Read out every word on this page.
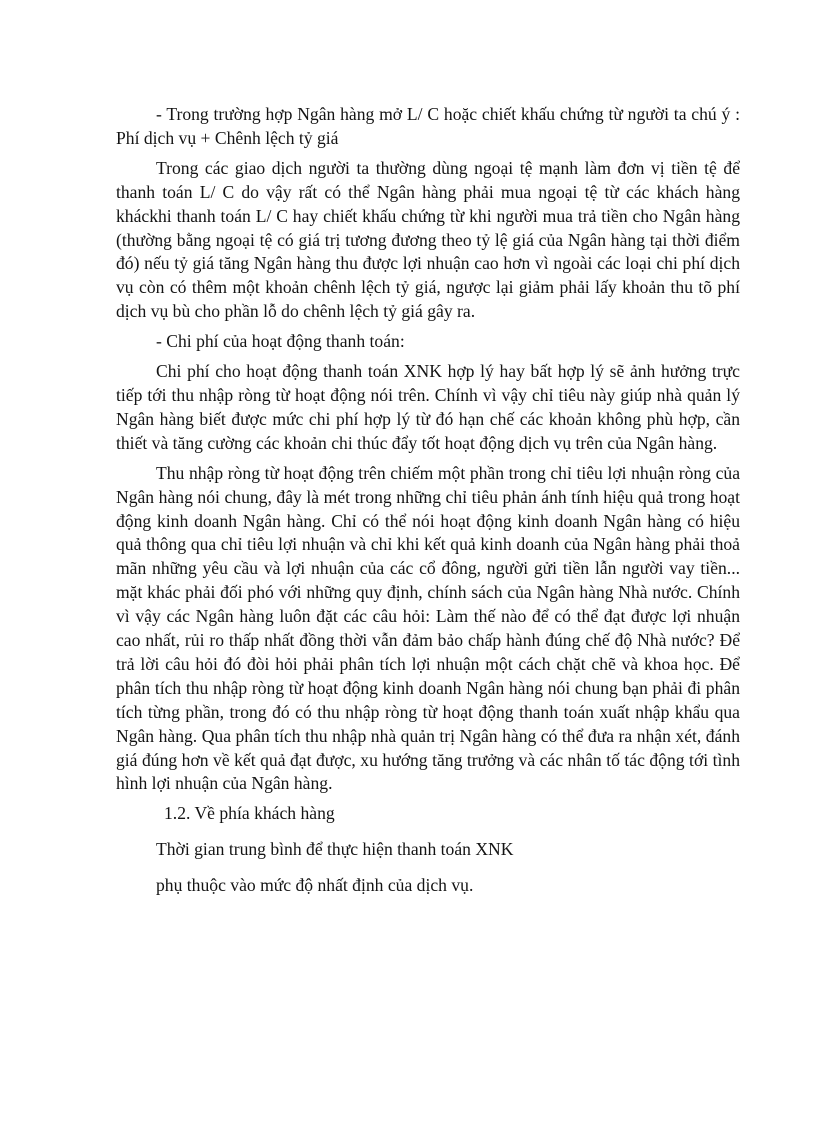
- Trong trường hợp Ngân hàng mở L/ C hoặc chiết khấu chứng từ người ta chú ý : Phí dịch vụ + Chênh lệch tỷ giá

Trong các giao dịch người ta thường dùng ngoại tệ mạnh làm đơn vị tiền tệ để thanh toán L/ C do vậy rất có thể Ngân hàng phải mua ngoại tệ từ các khách hàng kháckhi thanh toán L/ C hay chiết khấu chứng từ khi người mua trả tiền cho Ngân hàng (thường bằng ngoại tệ có giá trị tương đương theo tỷ lệ giá của Ngân hàng tại thời điểm đó) nếu tỷ giá tăng Ngân hàng thu được lợi nhuận cao hơn vì ngoài các loại chi phí dịch vụ còn có thêm một khoản chênh lệch tỷ giá, ngược lại giảm phải lấy khoản thu tõ phí dịch vụ bù cho phần lỗ do chênh lệch tỷ giá gây ra.

- Chi phí của hoạt động thanh toán:

Chi phí cho hoạt động thanh toán XNK hợp lý hay bất hợp lý sẽ ảnh hưởng trực tiếp tới thu nhập ròng từ hoạt động nói trên. Chính vì vậy chỉ tiêu này giúp nhà quản lý Ngân hàng biết được mức chi phí hợp lý từ đó hạn chế các khoản không phù hợp, cần thiết và tăng cường các khoản chi thúc đẩy tốt hoạt động dịch vụ trên của Ngân hàng.

Thu nhập ròng từ hoạt động trên chiếm một phần trong chỉ tiêu lợi nhuận ròng của Ngân hàng nói chung, đây là mét trong những chỉ tiêu phản ánh tính hiệu quả trong hoạt động kinh doanh Ngân hàng. Chỉ có thể nói hoạt động kinh doanh Ngân hàng có hiệu quả thông qua chỉ tiêu lợi nhuận và chỉ khi kết quả kinh doanh của Ngân hàng phải thoả mãn những yêu cầu và lợi nhuận của các cổ đông, người gửi tiền lẫn người vay tiền... mặt khác phải đối phó với những quy định, chính sách của Ngân hàng Nhà nước. Chính vì vậy các Ngân hàng luôn đặt các câu hỏi: Làm thế nào để có thể đạt được lợi nhuận cao nhất, rủi ro thấp nhất đồng thời vẫn đảm bảo chấp hành đúng chế độ Nhà nước? Để trả lời câu hỏi đó đòi hỏi phải phân tích lợi nhuận một cách chặt chẽ và khoa học. Để phân tích thu nhập ròng từ hoạt động kinh doanh Ngân hàng nói chung bạn phải đi phân tích từng phần, trong đó có thu nhập ròng từ hoạt động thanh toán xuất nhập khẩu qua Ngân hàng. Qua phân tích thu nhập nhà quản trị Ngân hàng có thể đưa ra nhận xét, đánh giá đúng hơn về kết quả đạt được, xu hướng tăng trưởng và các nhân tố tác động tới tình hình lợi nhuận của Ngân hàng.

1.2. Về phía khách hàng

Thời gian trung bình để thực hiện thanh toán XNK

phụ thuộc vào mức độ nhất định của dịch vụ.
